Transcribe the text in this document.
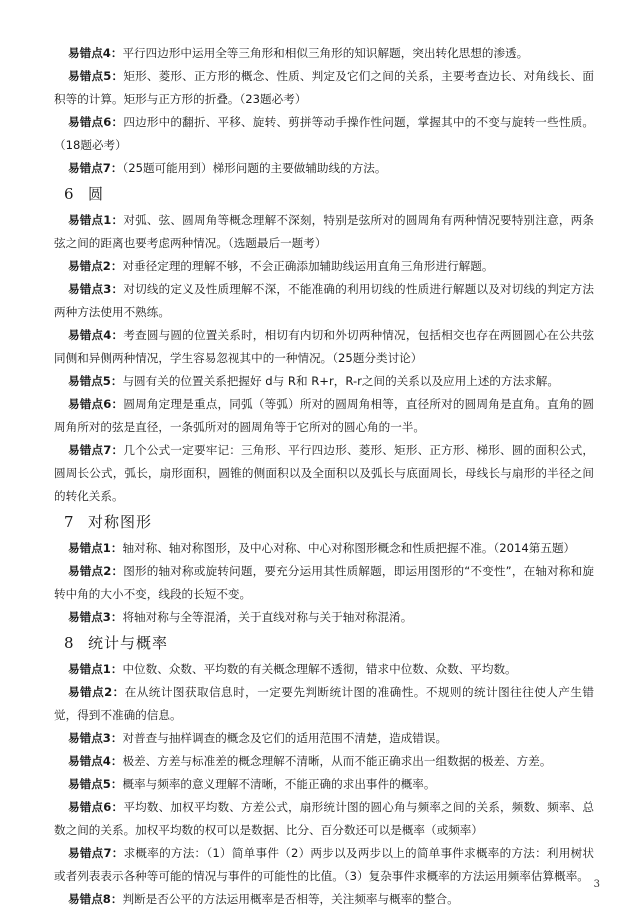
易错点4：平行四边形中运用全等三角形和相似三角形的知识解题，突出转化思想的渗透。

易错点5：矩形、菱形、正方形的概念、性质、判定及它们之间的关系，主要考查边长、对角线长、面积等的计算。矩形与正方形的折叠。（23题必考）

易错点6：四边形中的翻折、平移、旋转、剪拼等动手操作性问题，掌握其中的不变与旋转一些性质。（18题必考）

易错点7：（25题可能用到）梯形问题的主要做辅助线的方法。

6 圆

易错点1：对弧、弦、圆周角等概念理解不深刻，特别是弦所对的圆周角有两种情况要特别注意，两条弦之间的距离也要考虑两种情况。（选题最后一题考）

易错点2：对垂径定理的理解不够，不会正确添加辅助线运用直角三角形进行解题。

易错点3：对切线的定义及性质理解不深，不能准确的利用切线的性质进行解题以及对切线的判定方法两种方法使用不熟练。

易错点4：考查圆与圆的位置关系时，相切有内切和外切两种情况，包括相交也存在两圆圆心在公共弦同侧和异侧两种情况，学生容易忽视其中的一种情况。（25题分类讨论）

易错点5：与圆有关的位置关系把握好 d与 R和 R+r，R-r之间的关系以及应用上述的方法求解。

易错点6：圆周角定理是重点，同弧（等弧）所对的圆周角相等，直径所对的圆周角是直角。直角的圆周角所对的弦是直径，一条弧所对的圆周角等于它所对的圆心角的一半。

易错点7：几个公式一定要牢记：三角形、平行四边形、菱形、矩形、正方形、梯形、圆的面积公式，圆周长公式，弧长，扇形面积，圆锥的侧面积以及全面积以及弧长与底面周长，母线长与扇形的半径之间的转化关系。

7 对称图形

易错点1：轴对称、轴对称图形，及中心对称、中心对称图形概念和性质把握不准。（2014第五题）

易错点2：图形的轴对称或旋转问题，要充分运用其性质解题，即运用图形的“不变性”，在轴对称和旋转中角的大小不变，线段的长短不变。

易错点3：将轴对称与全等混淆，关于直线对称与关于轴对称混淆。

8 统计与概率

易错点1：中位数、众数、平均数的有关概念理解不透彻，错求中位数、众数、平均数。

易错点2：在从统计图获取信息时，一定要先判断统计图的准确性。不规则的统计图往往使人产生错觉，得到不准确的信息。

易错点3：对普查与抽样调查的概念及它们的适用范围不清楚，造成错误。

易错点4：极差、方差与标准差的概念理解不清晰，从而不能正确求出一组数据的极差、方差。

易错点5：概率与频率的意义理解不清晰，不能正确的求出事件的概率。

易错点6：平均数、加权平均数、方差公式，扇形统计图的圆心角与频率之间的关系，频数、频率、总数之间的关系。加权平均数的权可以是数据、比分、百分数还可以是概率（或频率）

易错点7：求概率的方法：（1）简单事件（2）两步以及两步以上的简单事件求概率的方法：利用树状或者列表表示各种等可能的情况与事件的可能性的比值。（3）复杂事件求概率的方法运用频率估算概率。

易错点8：判断是否公平的方法运用概率是否相等，关注频率与概率的整合。

3
